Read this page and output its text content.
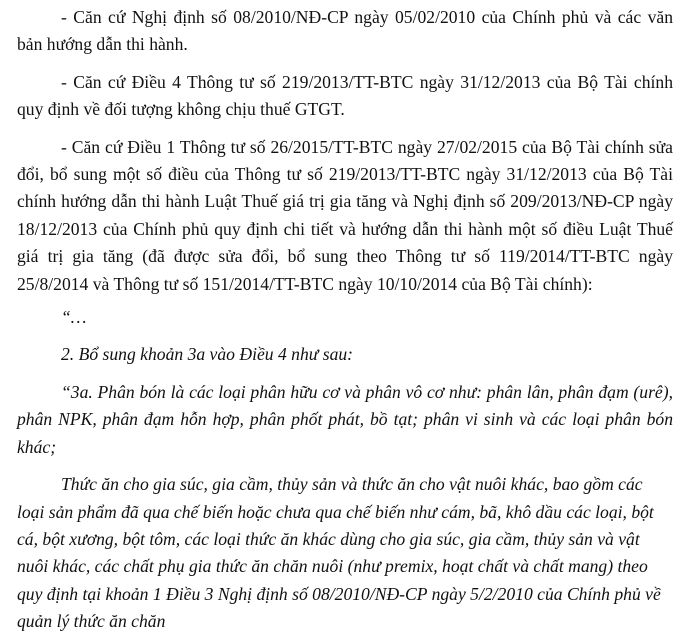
- Căn cứ Nghị định số 08/2010/NĐ-CP ngày 05/02/2010 của Chính phủ và các văn bản hướng dẫn thi hành.

- Căn cứ Điều 4 Thông tư số 219/2013/TT-BTC ngày 31/12/2013 của Bộ Tài chính quy định về đối tượng không chịu thuế GTGT.

- Căn cứ Điều 1 Thông tư số 26/2015/TT-BTC ngày 27/02/2015 của Bộ Tài chính sửa đổi, bổ sung một số điều của Thông tư số 219/2013/TT-BTC ngày 31/12/2013 của Bộ Tài chính hướng dẫn thi hành Luật Thuế giá trị gia tăng và Nghị định số 209/2013/NĐ-CP ngày 18/12/2013 của Chính phủ quy định chi tiết và hướng dẫn thi hành một số điều Luật Thuế giá trị gia tăng (đã được sửa đổi, bổ sung theo Thông tư số 119/2014/TT-BTC ngày 25/8/2014 và Thông tư số 151/2014/TT-BTC ngày 10/10/2014 của Bộ Tài chính):

“…

2. Bổ sung khoản 3a vào Điều 4 như sau:

“3a. Phân bón là các loại phân hữu cơ và phân vô cơ như: phân lân, phân đạm (urê), phân NPK, phân đạm hỗn hợp, phân phốt phát, bồ tạt; phân vi sinh và các loại phân bón khác;

Thức ăn cho gia súc, gia cầm, thủy sản và thức ăn cho vật nuôi khác, bao gồm các loại sản phẩm đã qua chế biến hoặc chưa qua chế biến như cám, bã, khô dầu các loại, bột cá, bột xương, bột tôm, các loại thức ăn khác dùng cho gia súc, gia cầm, thủy sản và vật nuôi khác, các chất phụ gia thức ăn chăn nuôi (như premix, hoạt chất và chất mang) theo quy định tại khoản 1 Điều 3 Nghị định số 08/2010/NĐ-CP ngày 5/2/2010 của Chính phủ về quản lý thức ăn chăn
